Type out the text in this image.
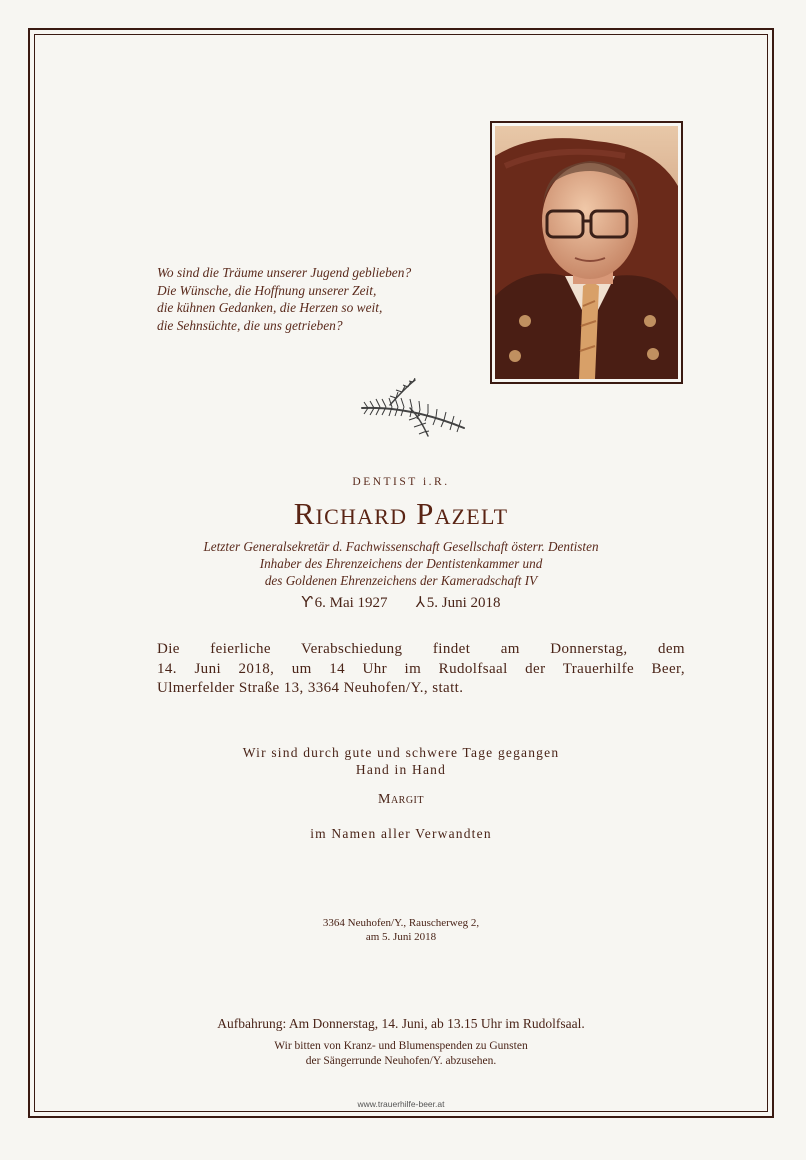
Wo sind die Träume unserer Jugend geblieben?
Die Wünsche, die Hoffnung unserer Zeit,
die kühnen Gedanken, die Herzen so weit,
die Sehnsüchte, die uns getrieben?
DENTIST i.R.
Richard Pazelt
Letzter Generalsekretär d. Fachwissenschaft Gesellschaft österr. Dentisten
Inhaber des Ehrenzeichens der Dentistenkammer und
des Goldenen Ehrenzeichens der Kameradschaft IV
Ƴ 6. Mai 1927 ⅄ 5. Juni 2018
Die feierliche Verabschiedung findet am Donnerstag, dem
14. Juni 2018, um 14 Uhr im Rudolfsaal der Trauerhilfe Beer,
Ulmerfelder Straße 13, 3364 Neuhofen/Y., statt.
Wir sind durch gute und schwere Tage gegangen
Hand in Hand
Margit
im Namen aller Verwandten
3364 Neuhofen/Y., Rauscherweg 2,
am 5. Juni 2018
Aufbahrung: Am Donnerstag, 14. Juni, ab 13.15 Uhr im Rudolfsaal.
Wir bitten von Kranz- und Blumenspenden zu Gunsten
der Sängerrunde Neuhofen/Y. abzusehen.
www.trauerhilfe-beer.at
